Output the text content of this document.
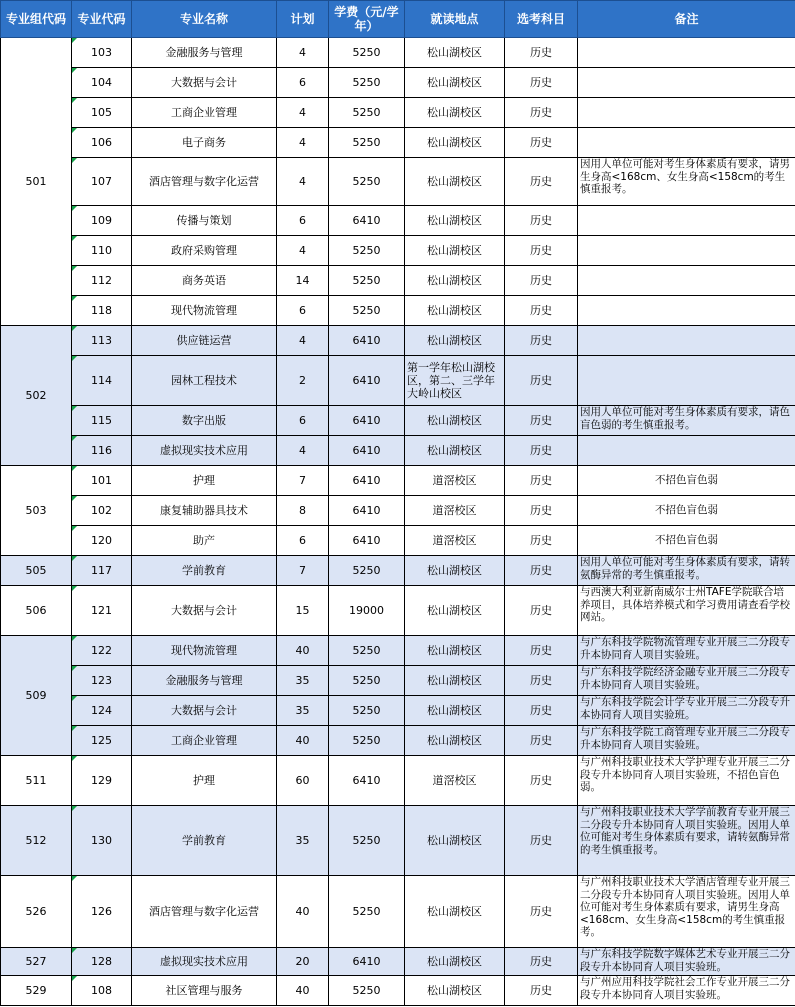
专业组代码	专业代码	专业名称	计划	学费（元/学年）	就读地点	选考科目	备注
501	103	金融服务与管理	4	5250	松山湖校区	历史	
	104	大数据与会计	6	5250	松山湖校区	历史	
	105	工商企业管理	4	5250	松山湖校区	历史	
	106	电子商务	4	5250	松山湖校区	历史	
	107	酒店管理与数字化运营	4	5250	松山湖校区	历史	因用人单位可能对考生身体素质有要求，请男生身高<168cm、女生身高<158cm的考生慎重报考。
	109	传播与策划	6	6410	松山湖校区	历史	
	110	政府采购管理	4	5250	松山湖校区	历史	
	112	商务英语	14	5250	松山湖校区	历史	
	118	现代物流管理	6	5250	松山湖校区	历史	
502	113	供应链运营	4	6410	松山湖校区	历史	
	114	园林工程技术	2	6410	第一学年松山湖校区，第二、三学年大岭山校区	历史	
	115	数字出版	6	6410	松山湖校区	历史	因用人单位可能对考生身体素质有要求，请色盲色弱的考生慎重报考。
	116	虚拟现实技术应用	4	6410	松山湖校区	历史	
503	101	护理	7	6410	道滘校区	历史	不招色盲色弱
	102	康复辅助器具技术	8	6410	道滘校区	历史	不招色盲色弱
	120	助产	6	6410	道滘校区	历史	不招色盲色弱
505	117	学前教育	7	5250	松山湖校区	历史	因用人单位可能对考生身体素质有要求，请转氨酶异常的考生慎重报考。
506	121	大数据与会计	15	19000	松山湖校区	历史	与西澳大利亚新南威尔士州TAFE学院联合培养项目，具体培养模式和学习费用请查看学校网站。
509	122	现代物流管理	40	5250	松山湖校区	历史	与广东科技学院物流管理专业开展三二分段专升本协同育人项目实验班。
	123	金融服务与管理	35	5250	松山湖校区	历史	与广东科技学院经济金融专业开展三二分段专升本协同育人项目实验班。
	124	大数据与会计	35	5250	松山湖校区	历史	与广东科技学院会计学专业开展三二分段专升本协同育人项目实验班。
	125	工商企业管理	40	5250	松山湖校区	历史	与广东科技学院工商管理专业开展三二分段专升本协同育人项目实验班。
511	129	护理	60	6410	道滘校区	历史	与广州科技职业技术大学护理专业开展三二分段专升本协同育人项目实验班，不招色盲色弱。
512	130	学前教育	35	5250	松山湖校区	历史	与广州科技职业技术大学学前教育专业开展三二分段专升本协同育人项目实验班。因用人单位可能对考生身体素质有要求，请转氨酶异常的考生慎重报考。
526	126	酒店管理与数字化运营	40	5250	松山湖校区	历史	与广州科技职业技术大学酒店管理专业开展三二分段专升本协同育人项目实验班。因用人单位可能对考生身体素质有要求，请男生身高<168cm、女生身高<158cm的考生慎重报考。
527	128	虚拟现实技术应用	20	6410	松山湖校区	历史	与广东科技学院数字媒体艺术专业开展三二分段专升本协同育人项目实验班。
529	108	社区管理与服务	40	5250	松山湖校区	历史	与广州应用科技学院社会工作专业开展三二分段专升本协同育人项目实验班。
